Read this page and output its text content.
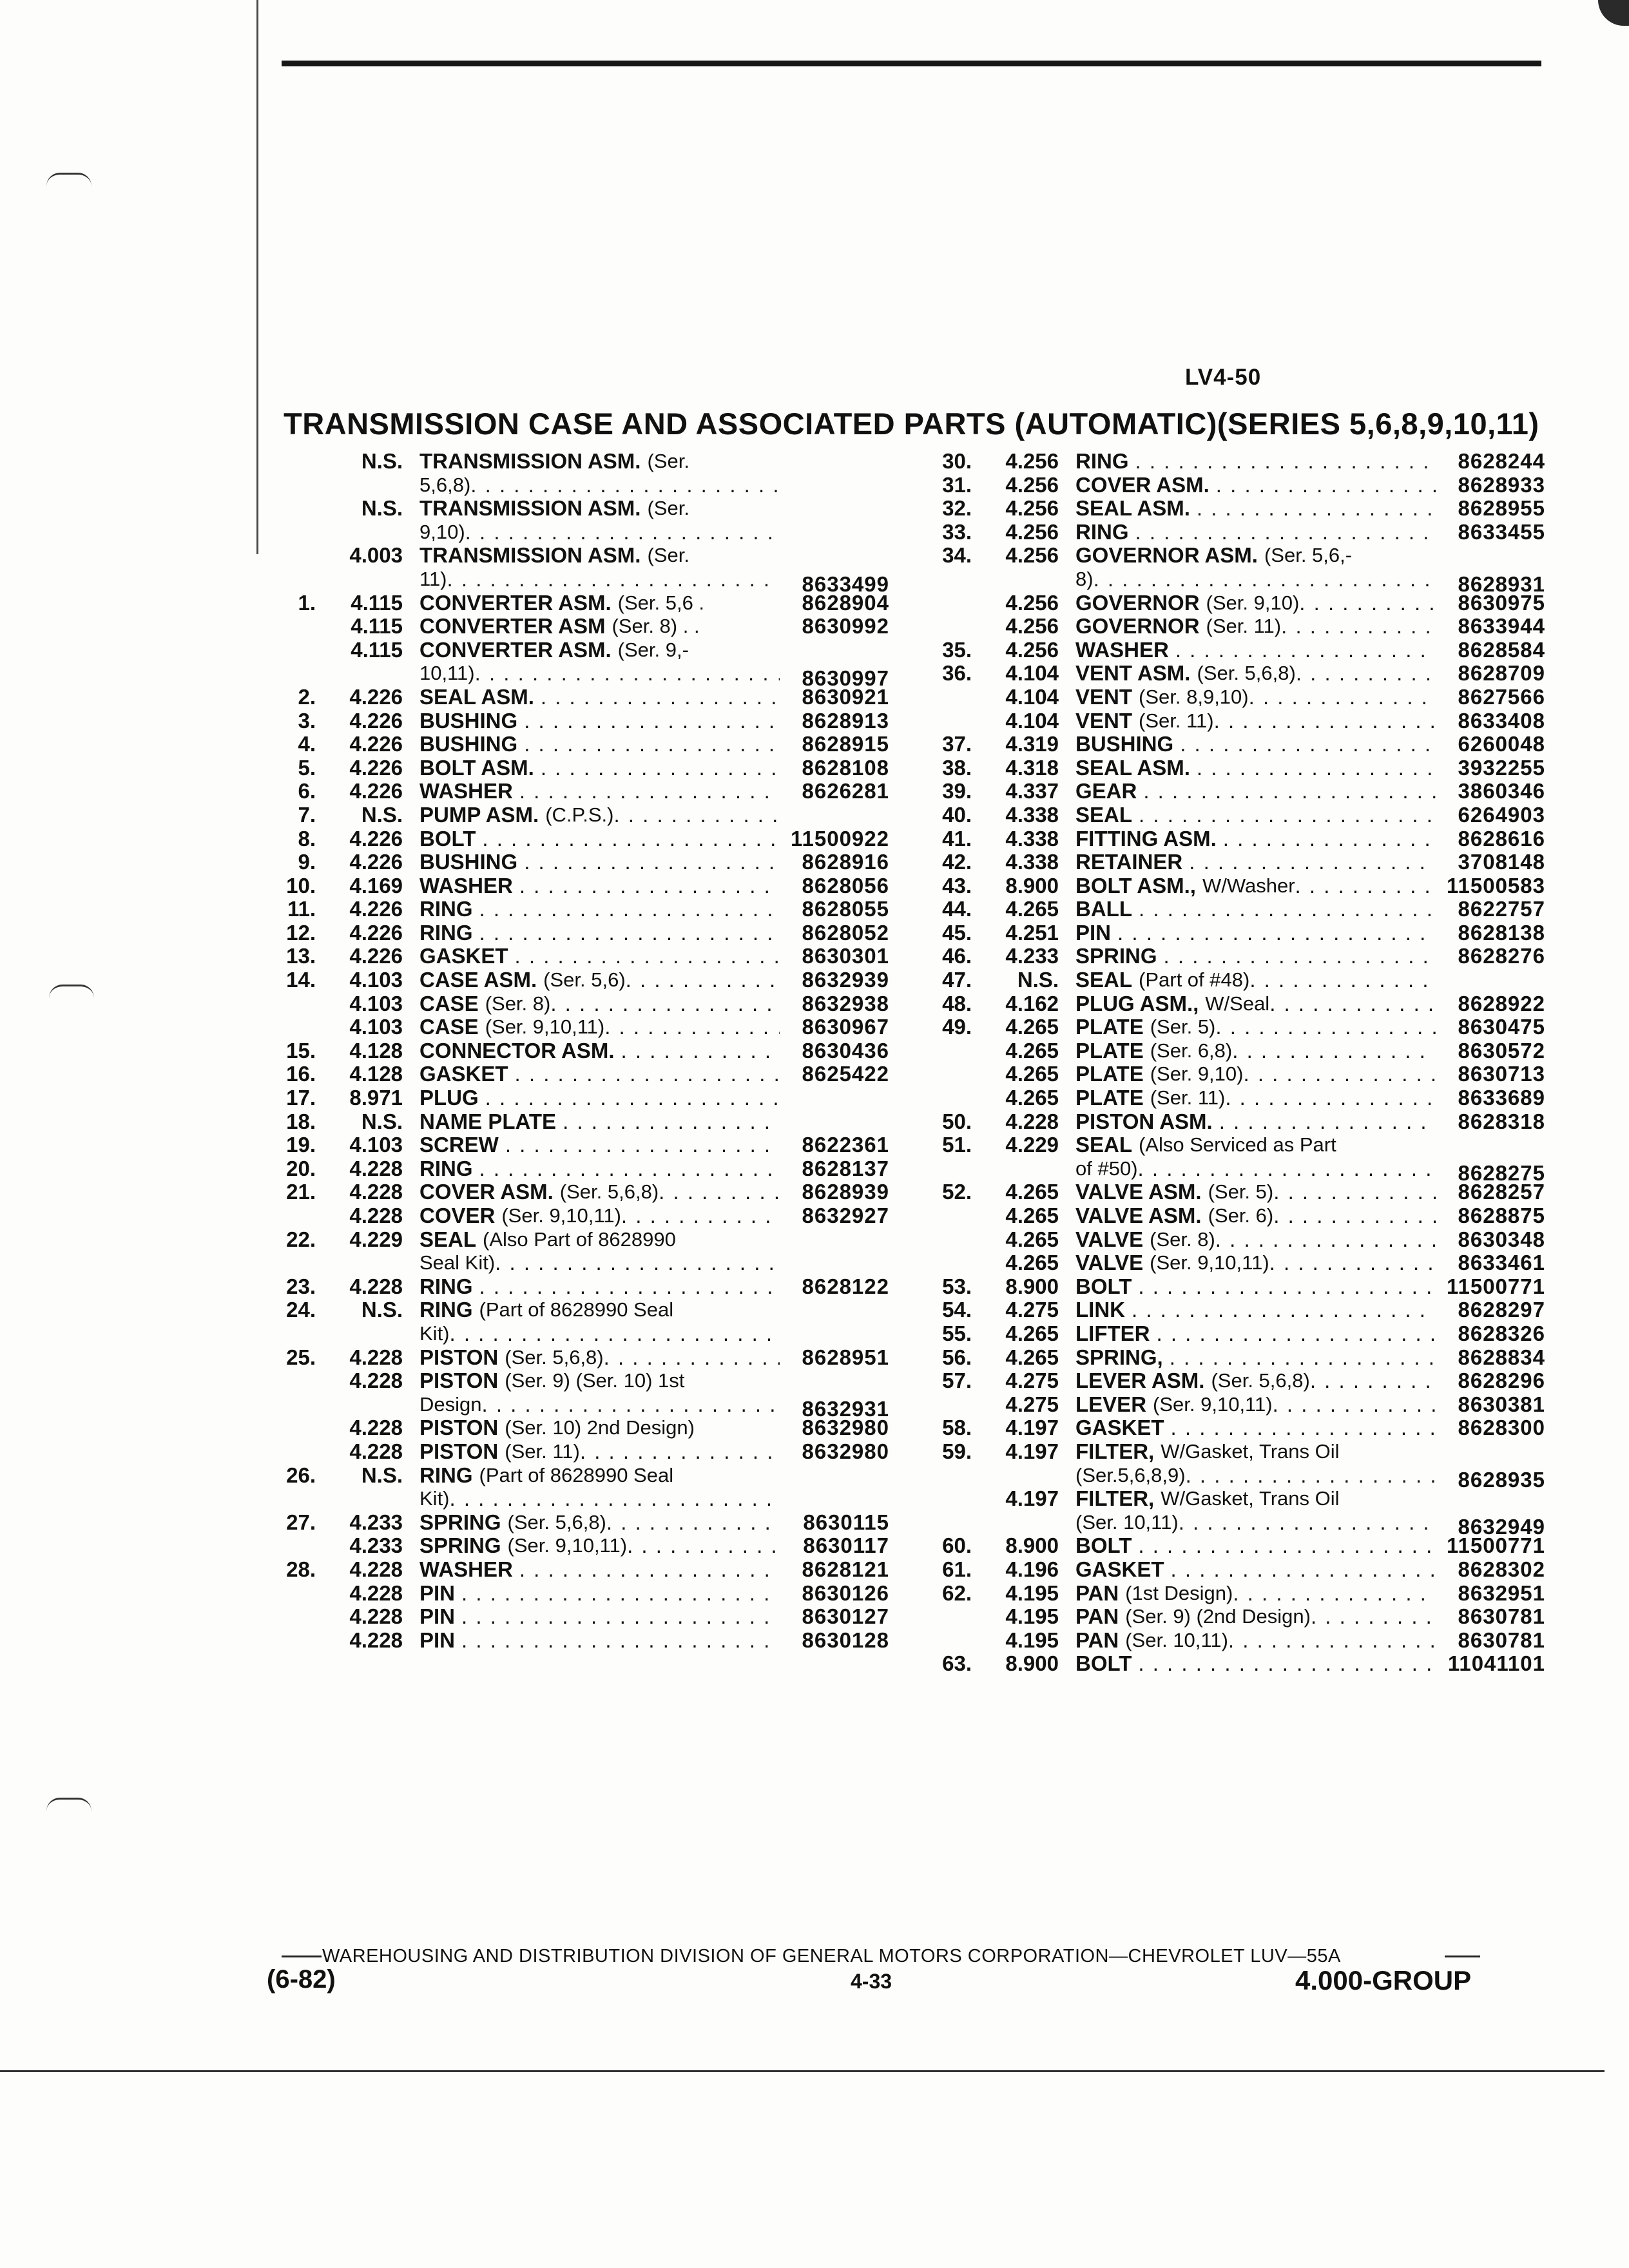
LV4-50
TRANSMISSION CASE AND ASSOCIATED PARTS (AUTOMATIC)(SERIES 5,6,8,9,10,11)
N.S. TRANSMISSION ASM. (Ser.
5,6,8)
. . .
N.S. TRANSMISSION ASM. (Ser.
9,10)
. . .
4.003 TRANSMISSION ASM. (Ser.
11) . . .	8633499
1.	4.115 CONVERTER ASM. (Ser. 5,6 .	8628904
4.115 CONVERTER ASM (Ser. 8) . .	8630992
4.115 CONVERTER ASM. (Ser. 9,-
10,11) . . .	8630997
2.	4.226 SEAL ASM. . . .	8630921
3.	4.226 BUSHING . . .	8628913
4.	4.226 BUSHING . . .	8628915
5.	4.226 BOLT ASM. . . .	8628108
6.	4.226 WASHER . . .	8626281
7.	N.S. PUMP ASM. (C.P.S.)
. . .
8.	4.226 BOLT . . .	11500922
9.	4.226 BUSHING . . .	8628916
10.	4.169 WASHER . . .	8628056
11.	4.226 RING . . .	8628055
12.	4.226 RING . . .	8628052
13.	4.226 GASKET . . .	8630301
14.	4.103 CASE ASM. (Ser. 5,6) . . .	8632939
4.103 CASE (Ser. 8) . . .	8632938
4.103 CASE (Ser. 9,10,11) . . .	8630967
15.	4.128 CONNECTOR ASM. . . .	8630436
16.	4.128 GASKET . . .	8625422
17.	8.971 PLUG
. . .
18.	N.S. NAME PLATE
. . .
19.	4.103 SCREW . . .	8622361
20.	4.228 RING . . .	8628137
21.	4.228 COVER ASM. (Ser. 5,6,8) . . .	8628939
4.228 COVER (Ser. 9,10,11) . . .	8632927
22.	4.229 SEAL (Also Part of 8628990
Seal Kit)
. . .
23.	4.228 RING . . .	8628122
24.	N.S. RING (Part of 8628990 Seal
Kit)
. . .
25.	4.228 PISTON (Ser. 5,6,8) . . .	8628951
4.228 PISTON (Ser. 9) (Ser. 10) 1st
Design . . .	8632931
4.228 PISTON (Ser. 10) 2nd Design)	8632980
4.228 PISTON (Ser. 11) . . .	8632980
26.	N.S. RING (Part of 8628990 Seal
Kit)
. . .
27.	4.233 SPRING (Ser. 5,6,8) . . .	8630115
4.233 SPRING (Ser. 9,10,11) . . .	8630117
28.	4.228 WASHER . . .	8628121
4.228 PIN . . .	8630126
4.228 PIN . . .	8630127
4.228 PIN . . .	8630128
30.	4.256 RING . . .	8628244
31.	4.256 COVER ASM. . . .	8628933
32.	4.256 SEAL ASM. . . .	8628955
33.	4.256 RING . . .	8633455
34.	4.256 GOVERNOR ASM. (Ser. 5,6,-
8) . . .	8628931
4.256 GOVERNOR (Ser. 9,10) . . .	8630975
4.256 GOVERNOR (Ser. 11) . . .	8633944
35.	4.256 WASHER . . .	8628584
36.	4.104 VENT ASM. (Ser. 5,6,8) . . .	8628709
4.104 VENT (Ser. 8,9,10) . . .	8627566
4.104 VENT (Ser. 11) . . .	8633408
37.	4.319 BUSHING . . .	6260048
38.	4.318 SEAL ASM. . . .	3932255
39.	4.337 GEAR . . .	3860346
40.	4.338 SEAL . . .	6264903
41.	4.338 FITTING ASM. . . .	8628616
42.	4.338 RETAINER . . .	3708148
43.	8.900 BOLT ASM., W/Washer . . .	11500583
44.	4.265 BALL . . .	8622757
45.	4.251 PIN . . .	8628138
46.	4.233 SPRING . . .	8628276
47.	N.S. SEAL (Part of #48)
. . .
48.	4.162 PLUG ASM., W/Seal . . .	8628922
49.	4.265 PLATE (Ser. 5) . . .	8630475
4.265 PLATE (Ser. 6,8) . . .	8630572
4.265 PLATE (Ser. 9,10) . . .	8630713
4.265 PLATE (Ser. 11) . . .	8633689
50.	4.228 PISTON ASM. . . .	8628318
51.	4.229 SEAL (Also Serviced as Part
of #50) . . .	8628275
52.	4.265 VALVE ASM. (Ser. 5) . . .	8628257
4.265 VALVE ASM. (Ser. 6) . . .	8628875
4.265 VALVE (Ser. 8) . . .	8630348
4.265 VALVE (Ser. 9,10,11) . . .	8633461
53.	8.900 BOLT . . .	11500771
54.	4.275 LINK . . .	8628297
55.	4.265 LIFTER . . .	8628326
56.	4.265 SPRING, . . .	8628834
57.	4.275 LEVER ASM. (Ser. 5,6,8) . . .	8628296
4.275 LEVER (Ser. 9,10,11) . . .	8630381
58.	4.197 GASKET . . .	8628300
59.	4.197 FILTER, W/Gasket, Trans Oil
(Ser.5,6,8,9) . . .	8628935
4.197 FILTER, W/Gasket, Trans Oil
(Ser. 10,11) . . .	8632949
60.	8.900 BOLT . . .	11500771
61.	4.196 GASKET . . .	8628302
62.	4.195 PAN (1st Design) . . .	8632951
4.195 PAN (Ser. 9) (2nd Design) . . .	8630781
4.195 PAN (Ser. 10,11) . . .	8630781
63.	8.900 BOLT . . .	11041101
WAREHOUSING AND DISTRIBUTION DIVISION OF GENERAL MOTORS CORPORATION—CHEVROLET LUV—55A
(6-82)	4-33	4.000-GROUP
